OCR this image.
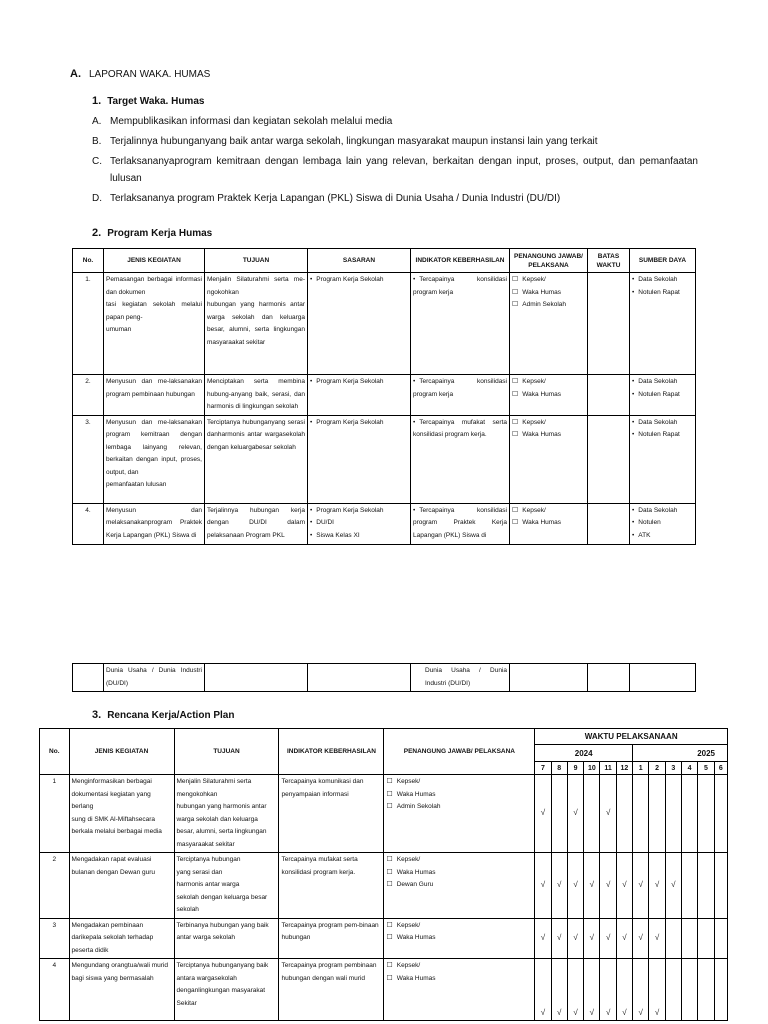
A. LAPORAN WAKA. HUMAS
1. Target Waka. Humas
A. Mempublikasikan informasi dan kegiatan sekolah melalui media
B. Terjalinnya hubunganyang baik antar warga sekolah, lingkungan masyarakat maupun instansi lain yang terkait
C. Terlaksananyaprogram kemitraan dengan lembaga lain yang relevan, berkaitan dengan input, proses, output, dan pemanfaatan lulusan
D. Terlaksananya program Praktek Kerja Lapangan (PKL) Siswa di Dunia Usaha / Dunia Industri (DU/DI)
2. Program Kerja Humas
No.	JENIS KEGIATAN	TUJUAN	SASARAN	INDIKATOR KEBERHASILAN	PENANGUNG JAWAB/ PELAKSANA	BATAS WAKTU	SUMBER DAYA
1.	Pemasangan berbagai informasi dan dokumen
tasi kegiatan sekolah melalui papan peng-
umuman	Menjalin Silaturahmi serta me-ngokohkan
hubungan yang harmonis antar warga sekolah dan keluarga besar, alumni, serta lingkungan masyaraakat sekitar	• Program Kerja Sekolah	• Tercapainya konsilidasi program kerja	☐ Kepsek/
☐ Waka Humas
☐ Admin Sekolah		• Data Sekolah
• Notulen Rapat

2.	Menyusun dan me-laksanakan program pembinaan hubungan	Menciptakan serta membina hubung-anyang baik, serasi, dan harmonis di lingkungan sekolah	• Program Kerja Sekolah	• Tercapainya konsilidasi program kerja	☐ Kepsek/
☐ Waka Humas		• Data Sekolah
• Notulen Rapat

3.	Menyusun dan me-laksanakan program kemitraan dengan lembaga lainyang relevan, berkaitan dengan input, proses, output, dan
pemanfaatan lulusan	Terciptanya hubunganyang serasi danharmonis antar wargasekolah dengan keluargabesar sekolah	• Program Kerja Sekolah	• Tercapainya mufakat serta konsilidasi program kerja.	☐ Kepsek/
☐ Waka Humas		• Data Sekolah
• Notulen Rapat

4.	Menyusun dan melaksanakanprogram Praktek Kerja Lapangan (PKL) Siswa di	Terjalinnya hubungan kerja dengan DU/DI dalam pelaksanaan Program PKL	• Program Kerja Sekolah
• DU/DI
• Siswa Kelas XI	• Tercapainya konsilidasi program Praktek Kerja Lapangan (PKL) Siswa di	☐ Kepsek/
☐ Waka Humas		• Data Sekolah
• Notulen
• ATK
	Dunia Usaha / Dunia Industri (DU/DI)			Dunia Usaha / Dunia Industri (DU/DI)			
3. Rencana Kerja/Action Plan
No.	JENIS KEGIATAN	TUJUAN	INDIKATOR KEBERHASILAN	PENANGUNG JAWAB/ PELAKSANA	WAKTU PELAKSANAAN											
					2024						2025					
					7	8	9	10	11	12	1	2	3	4	5	6
1	Menginformasikan berbagai dokumentasi kegiatan yang berlang
sung di SMK Al-Miftahsecara berkala melalui berbagai media	Menjalin Silaturahmi serta mengokohkan
hubungan yang harmonis antar warga sekolah dan keluarga besar, alumni, serta lingkungan masyaraakat sekitar	Tercapainya komunikasi dan penyampaian informasi	☐ Kepsek/
☐ Waka Humas
☐ Admin Sekolah	√		√		√							
2	Mengadakan rapat evaluasi bulanan dengan Dewan guru	Terciptanya hubungan
yang serasi dan
harmonis antar warga
sekolah dengan keluarga besar sekolah	Tercapainya mufakat serta konsilidasi program kerja.	☐ Kepsek/
☐ Waka Humas
☐ Dewan Guru	√	√	√	√	√	√	√	√	√			
3	Mengadakan pembinaan darikepala sekolah terhadap peserta didik	Terbinanya hubungan yang baik antar warga sekolah	Tercapainya program pem-binaan hubungan	☐ Kepsek/
☐ Waka Humas	√	√	√	√	√	√	√	√				
4	Mengundang orangtua/wali murid bagi siswa yang bermasalah	Terciptanya hubunganyang baik antara wargasekolah denganlingkungan masyarakat Sekitar	Tercapainya program pembinaan hubungan dengan wali murid	☐ Kepsek/
☐ Waka Humas	√	√	√	√	√	√	√	√				
